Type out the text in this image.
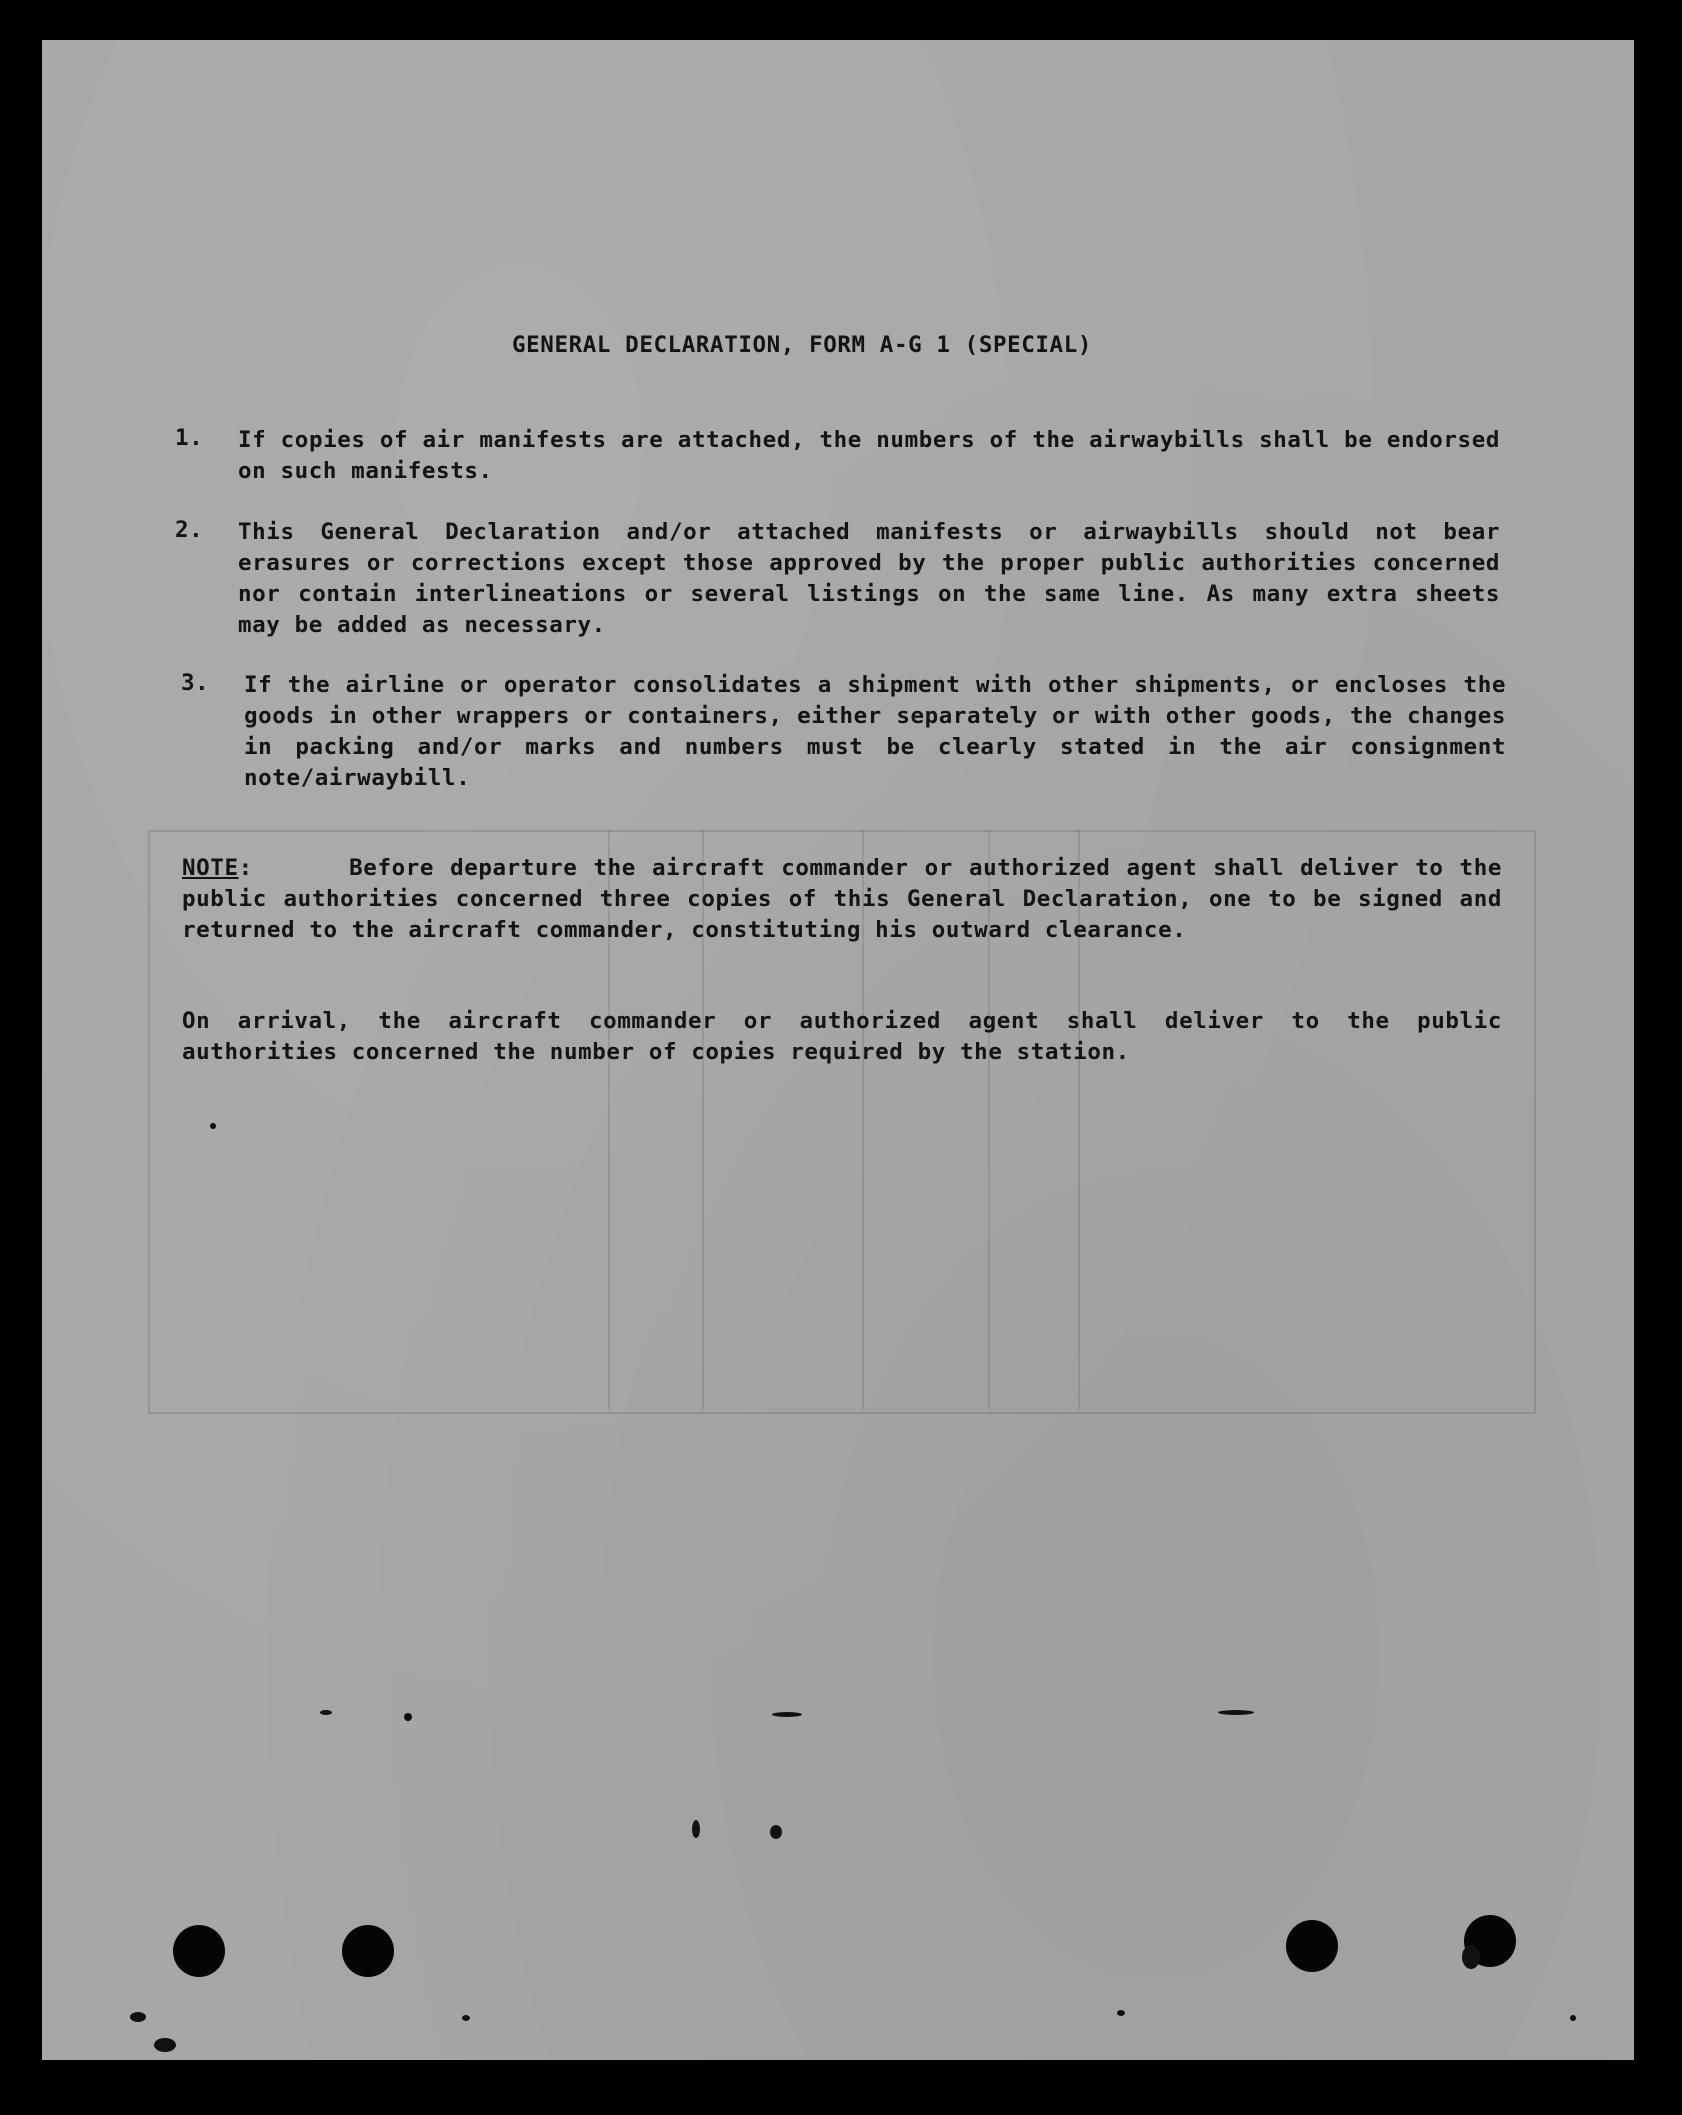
GENERAL DECLARATION, FORM A-G 1 (SPECIAL)
1. If copies of air manifests are attached, the numbers of the airwaybills shall be endorsed on such manifests.
2. This General Declaration and/or attached manifests or airwaybills should not bear erasures or corrections except those approved by the proper public authorities concerned nor contain interlineations or several listings on the same line. As many extra sheets may be added as necessary.
3. If the airline or operator consolidates a shipment with other shipments, or encloses the goods in other wrappers or containers, either separately or with other goods, the changes in packing and/or marks and numbers must be clearly stated in the air consignment note/airwaybill.
NOTE:      Before departure the aircraft commander or authorized agent shall deliver to the public authorities concerned three copies of this General Declaration, one to be signed and returned to the aircraft commander, constituting his outward clearance.
On arrival, the aircraft commander or authorized agent shall deliver to the public authorities concerned the number of copies required by the station.
